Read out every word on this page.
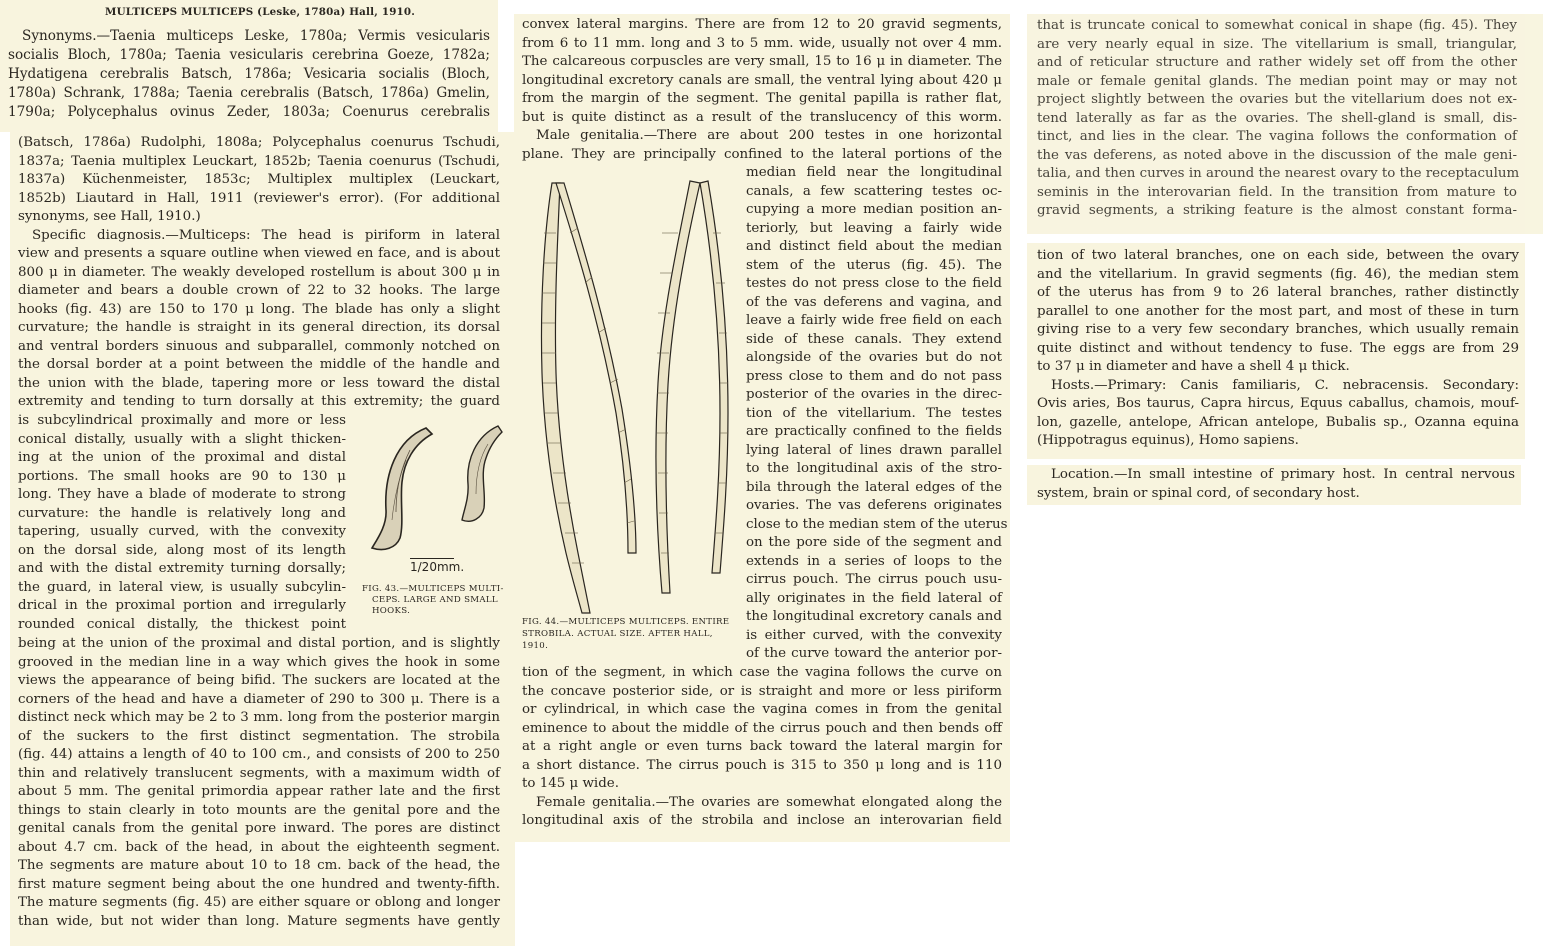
MULTICEPS MULTICEPS (Leske, 1780a) Hall, 1910.
Synonyms.—Taenia multiceps Leske, 1780a; Vermis vesicularis
socialis Bloch, 1780a; Taenia vesicularis cerebrina Goeze, 1782a;
Hydatigena cerebralis Batsch, 1786a; Vesicaria socialis (Bloch,
1780a) Schrank, 1788a; Taenia cerebralis (Batsch, 1786a) Gmelin,
1790a; Polycephalus ovinus Zeder, 1803a; Coenurus cerebralis
(Batsch, 1786a) Rudolphi, 1808a; Polycephalus coenurus Tschudi,
1837a; Taenia multiplex Leuckart, 1852b; Taenia coenurus (Tschudi,
1837a) Küchenmeister, 1853c; Multiplex multiplex (Leuckart,
1852b) Liautard in Hall, 1911 (reviewer's error). (For additional
synonyms, see Hall, 1910.)
Specific diagnosis.—Multiceps: The head is piriform in lateral
view and presents a square outline when viewed en face, and is about
800 μ in diameter. The weakly developed rostellum is about 300 μ in
diameter and bears a double crown of 22 to 32 hooks. The large
hooks (fig. 43) are 150 to 170 μ long. The blade has only a slight
curvature; the handle is straight in its general direction, its dorsal
and ventral borders sinuous and subparallel, commonly notched on
the dorsal border at a point between the middle of the handle and
the union with the blade, tapering more or less toward the distal
extremity and tending to turn dorsally at this extremity; the guard
is subcylindrical proximally and more or less
conical distally, usually with a slight thicken-
ing at the union of the proximal and distal
portions. The small hooks are 90 to 130 μ
long. They have a blade of moderate to strong
curvature: the handle is relatively long and
tapering, usually curved, with the convexity
on the dorsal side, along most of its length
and with the distal extremity turning dorsally;
the guard, in lateral view, is usually subcylin-
drical in the proximal portion and irregularly
rounded conical distally, the thickest point
1/20mm.
FIG. 43.—MULTICEPS MULTI-
CEPS. LARGE AND SMALL
HOOKS.
being at the union of the proximal and distal portion, and is slightly
grooved in the median line in a way which gives the hook in some
views the appearance of being bifid. The suckers are located at the
corners of the head and have a diameter of 290 to 300 μ. There is a
distinct neck which may be 2 to 3 mm. long from the posterior margin
of the suckers to the first distinct segmentation. The strobila
(fig. 44) attains a length of 40 to 100 cm., and consists of 200 to 250
thin and relatively translucent segments, with a maximum width of
about 5 mm. The genital primordia appear rather late and the first
things to stain clearly in toto mounts are the genital pore and the
genital canals from the genital pore inward. The pores are distinct
about 4.7 cm. back of the head, in about the eighteenth segment.
The segments are mature about 10 to 18 cm. back of the head, the
first mature segment being about the one hundred and twenty-fifth.
The mature segments (fig. 45) are either square or oblong and longer
than wide, but not wider than long. Mature segments have gently
convex lateral margins. There are from 12 to 20 gravid segments,
from 6 to 11 mm. long and 3 to 5 mm. wide, usually not over 4 mm.
The calcareous corpuscles are very small, 15 to 16 μ in diameter. The
longitudinal excretory canals are small, the ventral lying about 420 μ
from the margin of the segment. The genital papilla is rather flat,
but is quite distinct as a result of the translucency of this worm.
Male genitalia.—There are about 200 testes in one horizontal
plane. They are principally confined to the lateral portions of the
FIG. 44.—MULTICEPS MULTICEPS. ENTIRE
STROBILA. ACTUAL SIZE. AFTER HALL,
1910.
median field near the longitudinal
canals, a few scattering testes oc-
cupying a more median position an-
teriorly, but leaving a fairly wide
and distinct field about the median
stem of the uterus (fig. 45). The
testes do not press close to the field
of the vas deferens and vagina, and
leave a fairly wide free field on each
side of these canals. They extend
alongside of the ovaries but do not
press close to them and do not pass
posterior of the ovaries in the direc-
tion of the vitellarium. The testes
are practically confined to the fields
lying lateral of lines drawn parallel
to the longitudinal axis of the stro-
bila through the lateral edges of the
ovaries. The vas deferens originates
close to the median stem of the uterus
on the pore side of the segment and
extends in a series of loops to the
cirrus pouch. The cirrus pouch usu-
ally originates in the field lateral of
the longitudinal excretory canals and
is either curved, with the convexity
of the curve toward the anterior por-
tion of the segment, in which case the vagina follows the curve on
the concave posterior side, or is straight and more or less piriform
or cylindrical, in which case the vagina comes in from the genital
eminence to about the middle of the cirrus pouch and then bends off
at a right angle or even turns back toward the lateral margin for
a short distance. The cirrus pouch is 315 to 350 μ long and is 110
to 145 μ wide.
Female genitalia.—The ovaries are somewhat elongated along the
longitudinal axis of the strobila and inclose an interovarian field
that is truncate conical to somewhat conical in shape (fig. 45). They
are very nearly equal in size. The vitellarium is small, triangular,
and of reticular structure and rather widely set off from the other
male or female genital glands. The median point may or may not
project slightly between the ovaries but the vitellarium does not ex-
tend laterally as far as the ovaries. The shell-gland is small, dis-
tinct, and lies in the clear. The vagina follows the conformation of
the vas deferens, as noted above in the discussion of the male geni-
talia, and then curves in around the nearest ovary to the receptaculum
seminis in the interovarian field. In the transition from mature to
gravid segments, a striking feature is the almost constant forma-
tion of two lateral branches, one on each side, between the ovary
and the vitellarium. In gravid segments (fig. 46), the median stem
of the uterus has from 9 to 26 lateral branches, rather distinctly
parallel to one another for the most part, and most of these in turn
giving rise to a very few secondary branches, which usually remain
quite distinct and without tendency to fuse. The eggs are from 29
to 37 μ in diameter and have a shell 4 μ thick.
Hosts.—Primary: Canis familiaris, C. nebracensis. Secondary:
Ovis aries, Bos taurus, Capra hircus, Equus caballus, chamois, mouf-
lon, gazelle, antelope, African antelope, Bubalis sp., Ozanna equina
(Hippotragus equinus), Homo sapiens.
Location.—In small intestine of primary host. In central nervous
system, brain or spinal cord, of secondary host.
